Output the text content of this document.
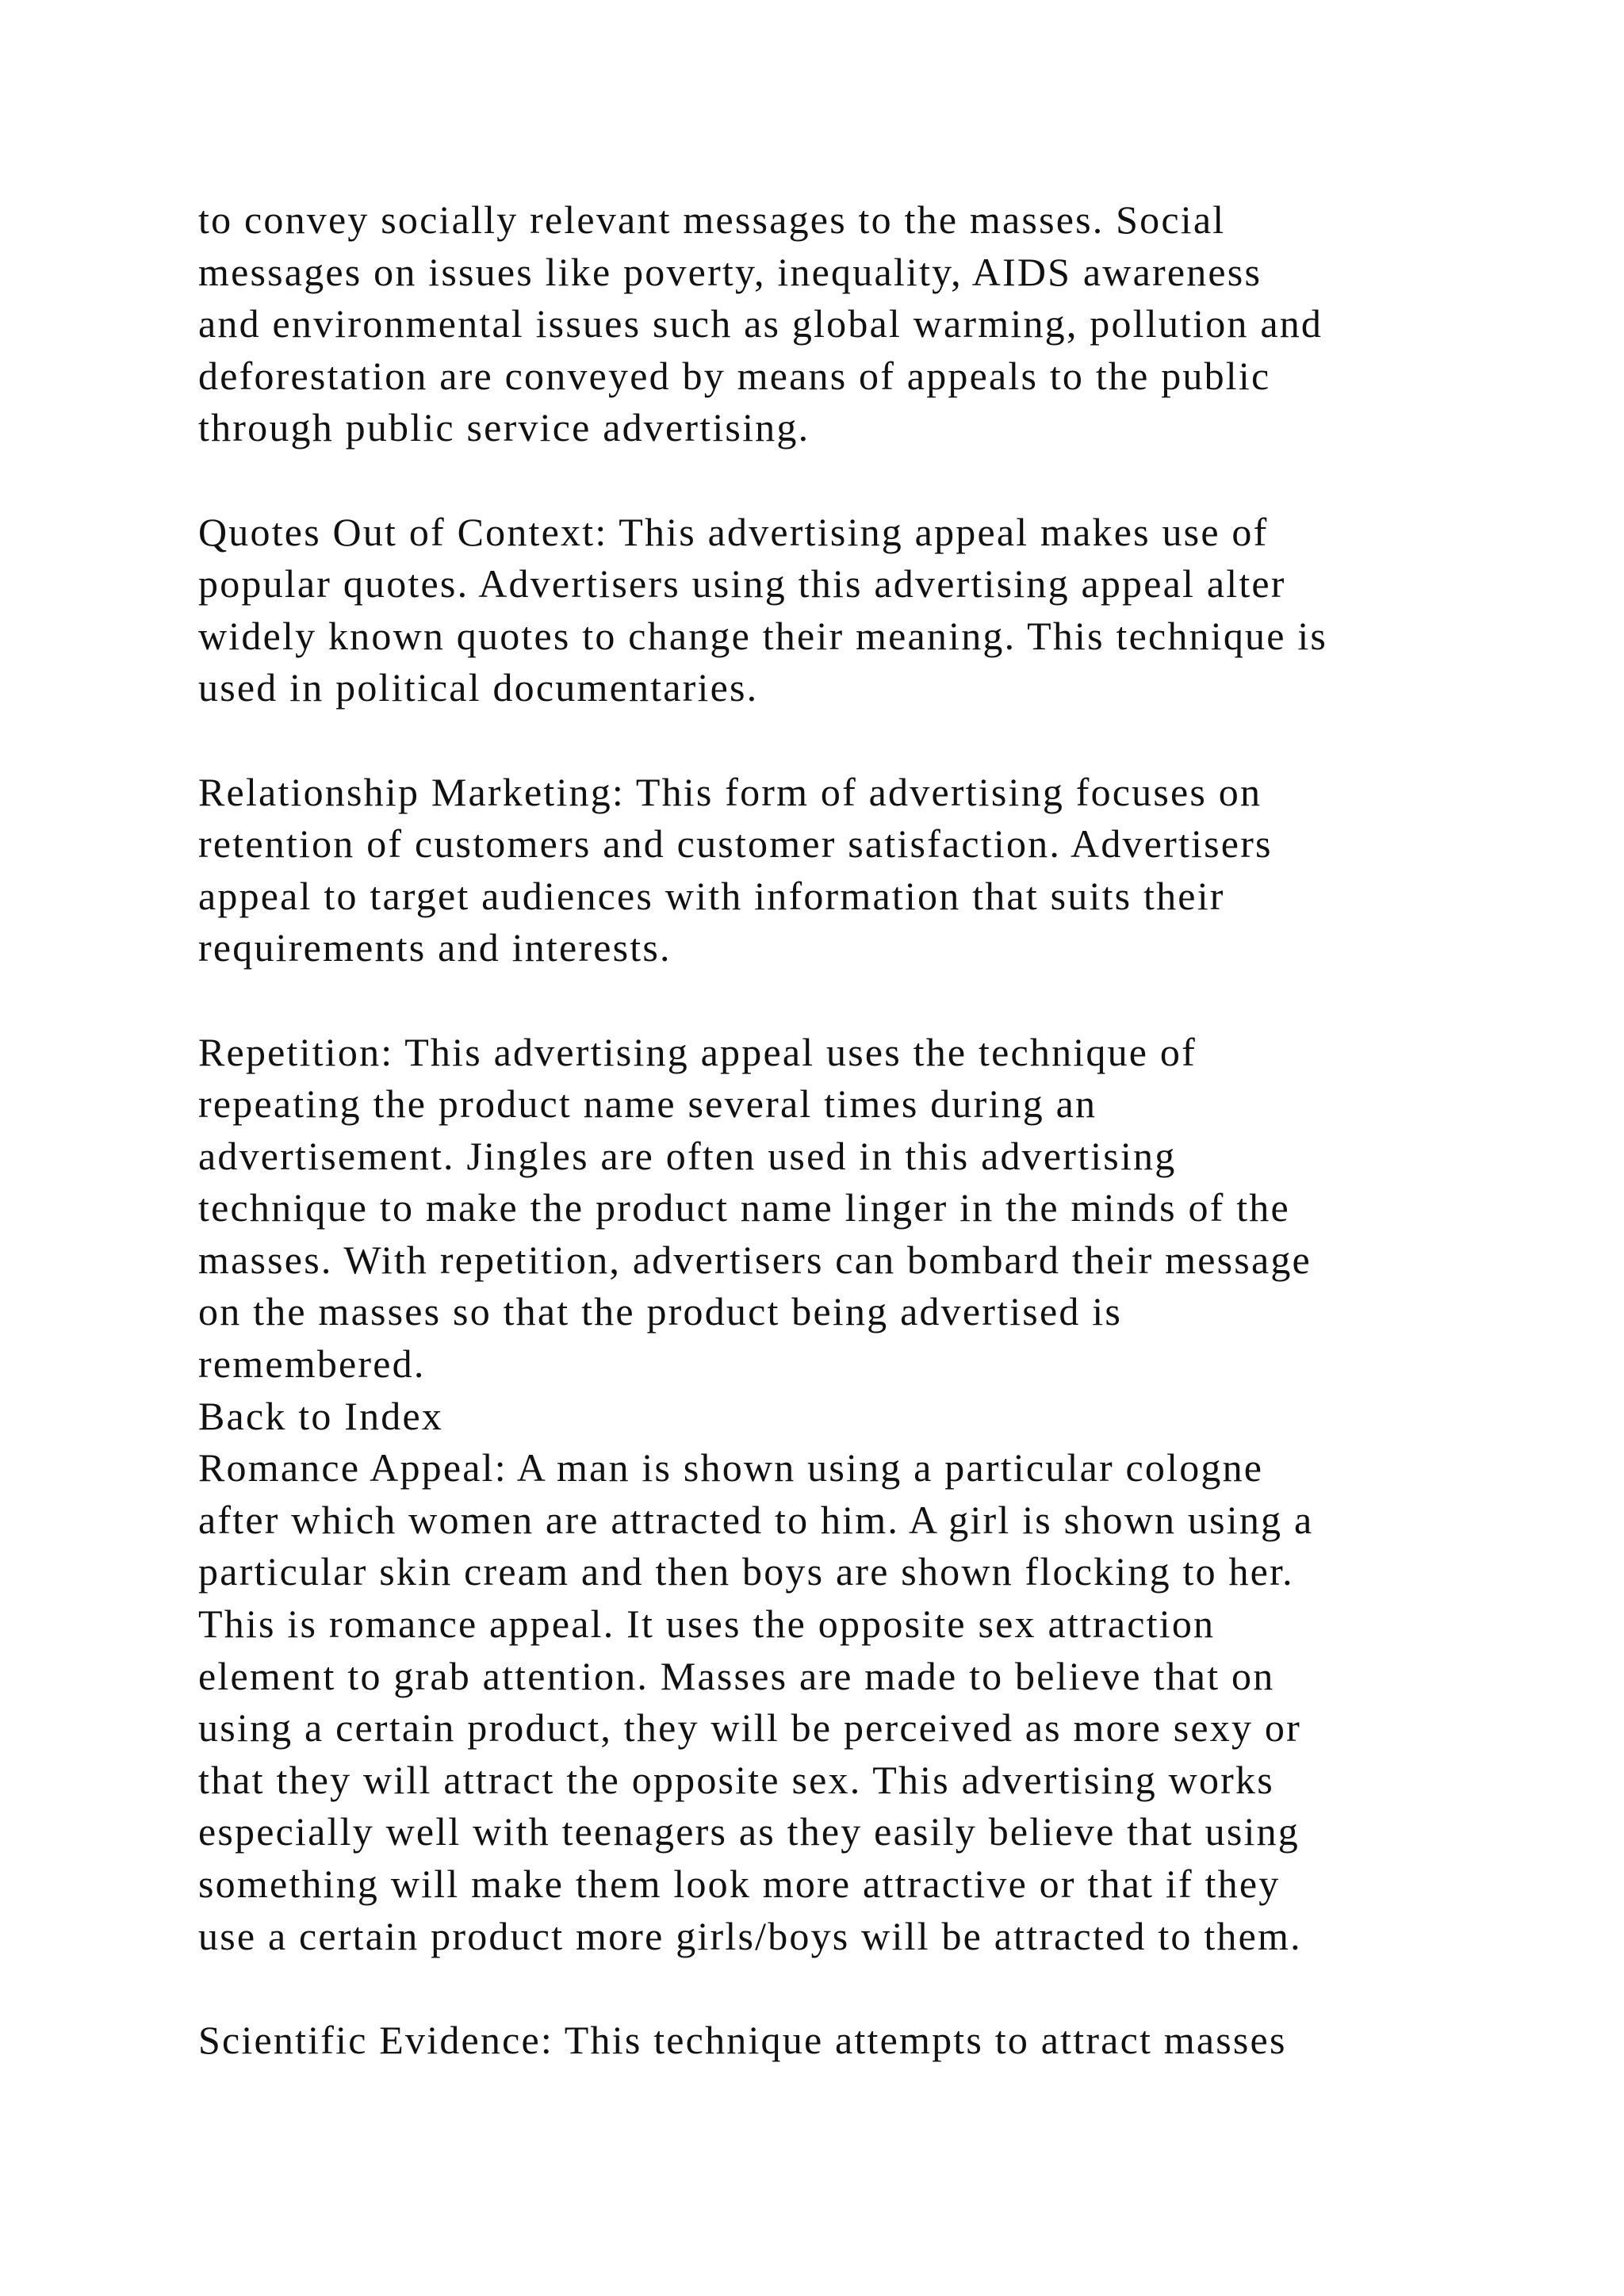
to convey socially relevant messages to the masses. Social
messages on issues like poverty, inequality, AIDS awareness
and environmental issues such as global warming, pollution and
deforestation are conveyed by means of appeals to the public
through public service advertising.
Quotes Out of Context: This advertising appeal makes use of
popular quotes. Advertisers using this advertising appeal alter
widely known quotes to change their meaning. This technique is
used in political documentaries.
Relationship Marketing: This form of advertising focuses on
retention of customers and customer satisfaction. Advertisers
appeal to target audiences with information that suits their
requirements and interests.
Repetition: This advertising appeal uses the technique of
repeating the product name several times during an
advertisement. Jingles are often used in this advertising
technique to make the product name linger in the minds of the
masses. With repetition, advertisers can bombard their message
on the masses so that the product being advertised is
remembered.
Back to Index
Romance Appeal: A man is shown using a particular cologne
after which women are attracted to him. A girl is shown using a
particular skin cream and then boys are shown flocking to her.
This is romance appeal. It uses the opposite sex attraction
element to grab attention. Masses are made to believe that on
using a certain product, they will be perceived as more sexy or
that they will attract the opposite sex. This advertising works
especially well with teenagers as they easily believe that using
something will make them look more attractive or that if they
use a certain product more girls/boys will be attracted to them.
Scientific Evidence: This technique attempts to attract masses
